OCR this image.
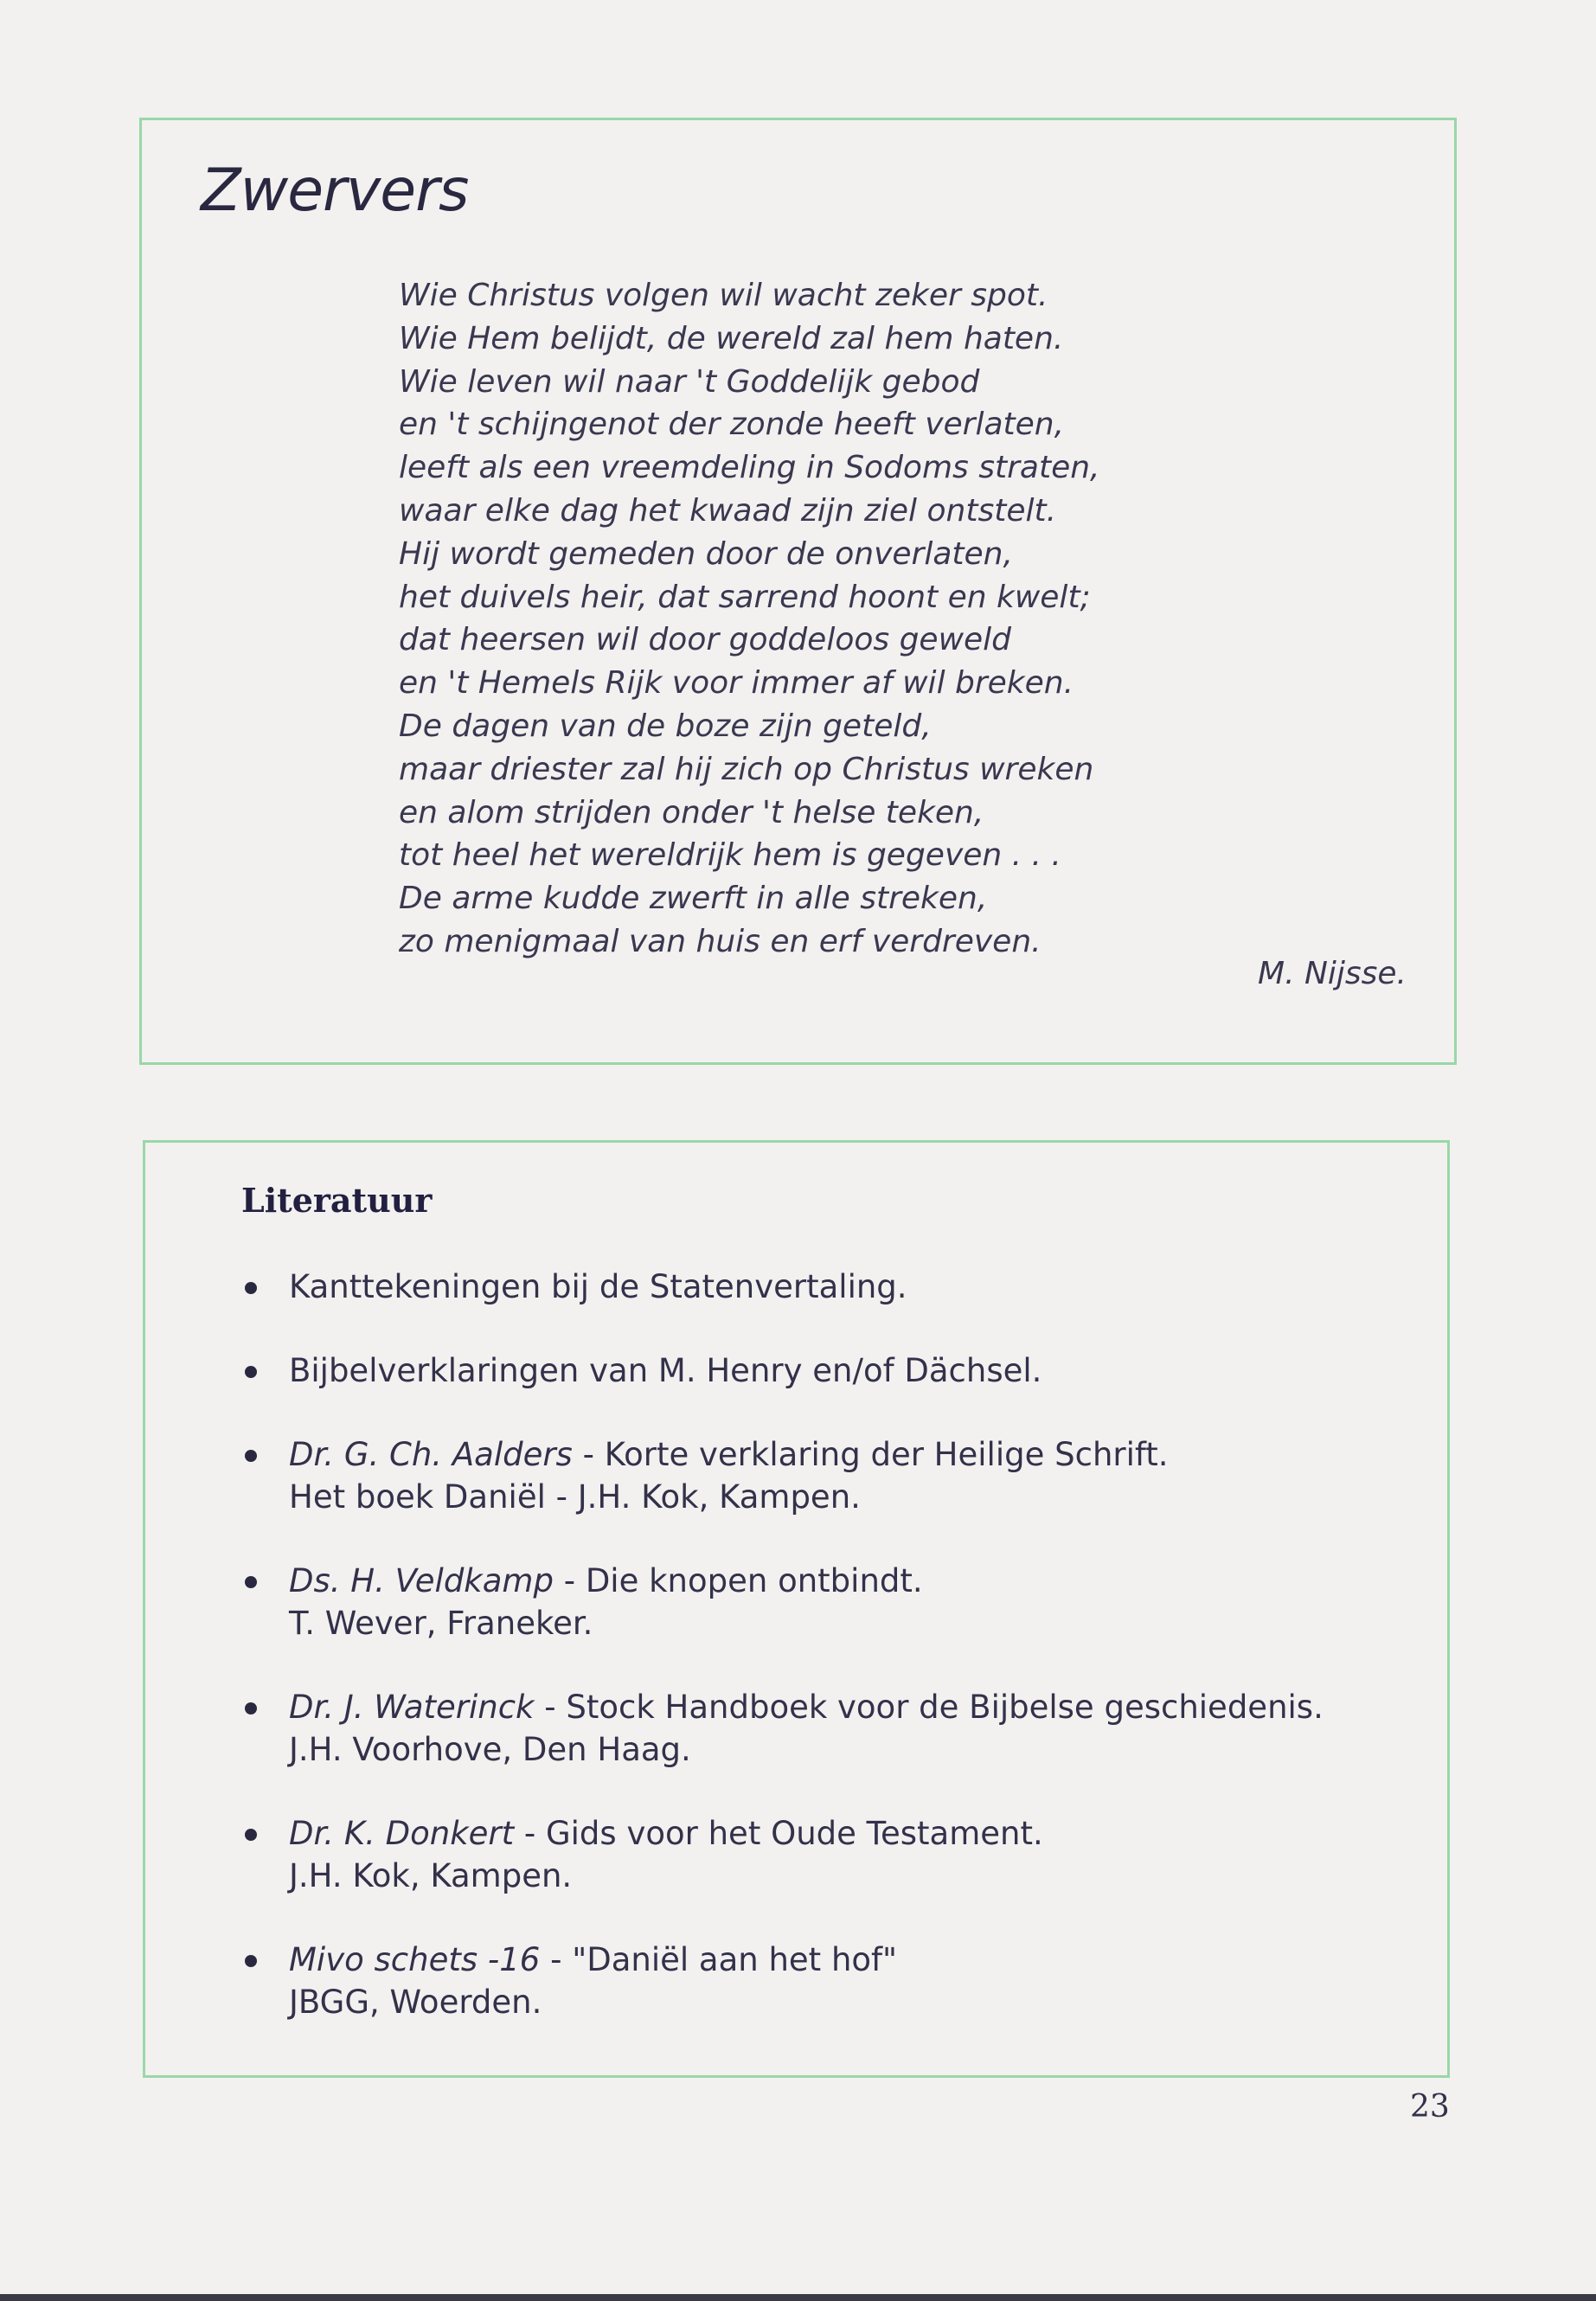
Zwervers
Wie Christus volgen wil wacht zeker spot.
Wie Hem belijdt, de wereld zal hem haten.
Wie leven wil naar 't Goddelijk gebod
en 't schijngenot der zonde heeft verlaten,
leeft als een vreemdeling in Sodoms straten,
waar elke dag het kwaad zijn ziel ontstelt.
Hij wordt gemeden door de onverlaten,
het duivels heir, dat sarrend hoont en kwelt;
dat heersen wil door goddeloos geweld
en 't Hemels Rijk voor immer af wil breken.
De dagen van de boze zijn geteld,
maar driester zal hij zich op Christus wreken
en alom strijden onder 't helse teken,
tot heel het wereldrijk hem is gegeven . . .
De arme kudde zwerft in alle streken,
zo menigmaal van huis en erf verdreven.
M. Nijsse.
Literatuur
Kanttekeningen bij de Statenvertaling.
Bijbelverklaringen van M. Henry en/of Dächsel.
Dr. G. Ch. Aalders - Korte verklaring der Heilige Schrift.
Het boek Daniël - J.H. Kok, Kampen.
Ds. H. Veldkamp - Die knopen ontbindt.
T. Wever, Franeker.
Dr. J. Waterinck - Stock Handboek voor de Bijbelse geschiedenis.
J.H. Voorhove, Den Haag.
Dr. K. Donkert - Gids voor het Oude Testament.
J.H. Kok, Kampen.
Mivo schets -16 - "Daniël aan het hof"
JBGG, Woerden.
23
